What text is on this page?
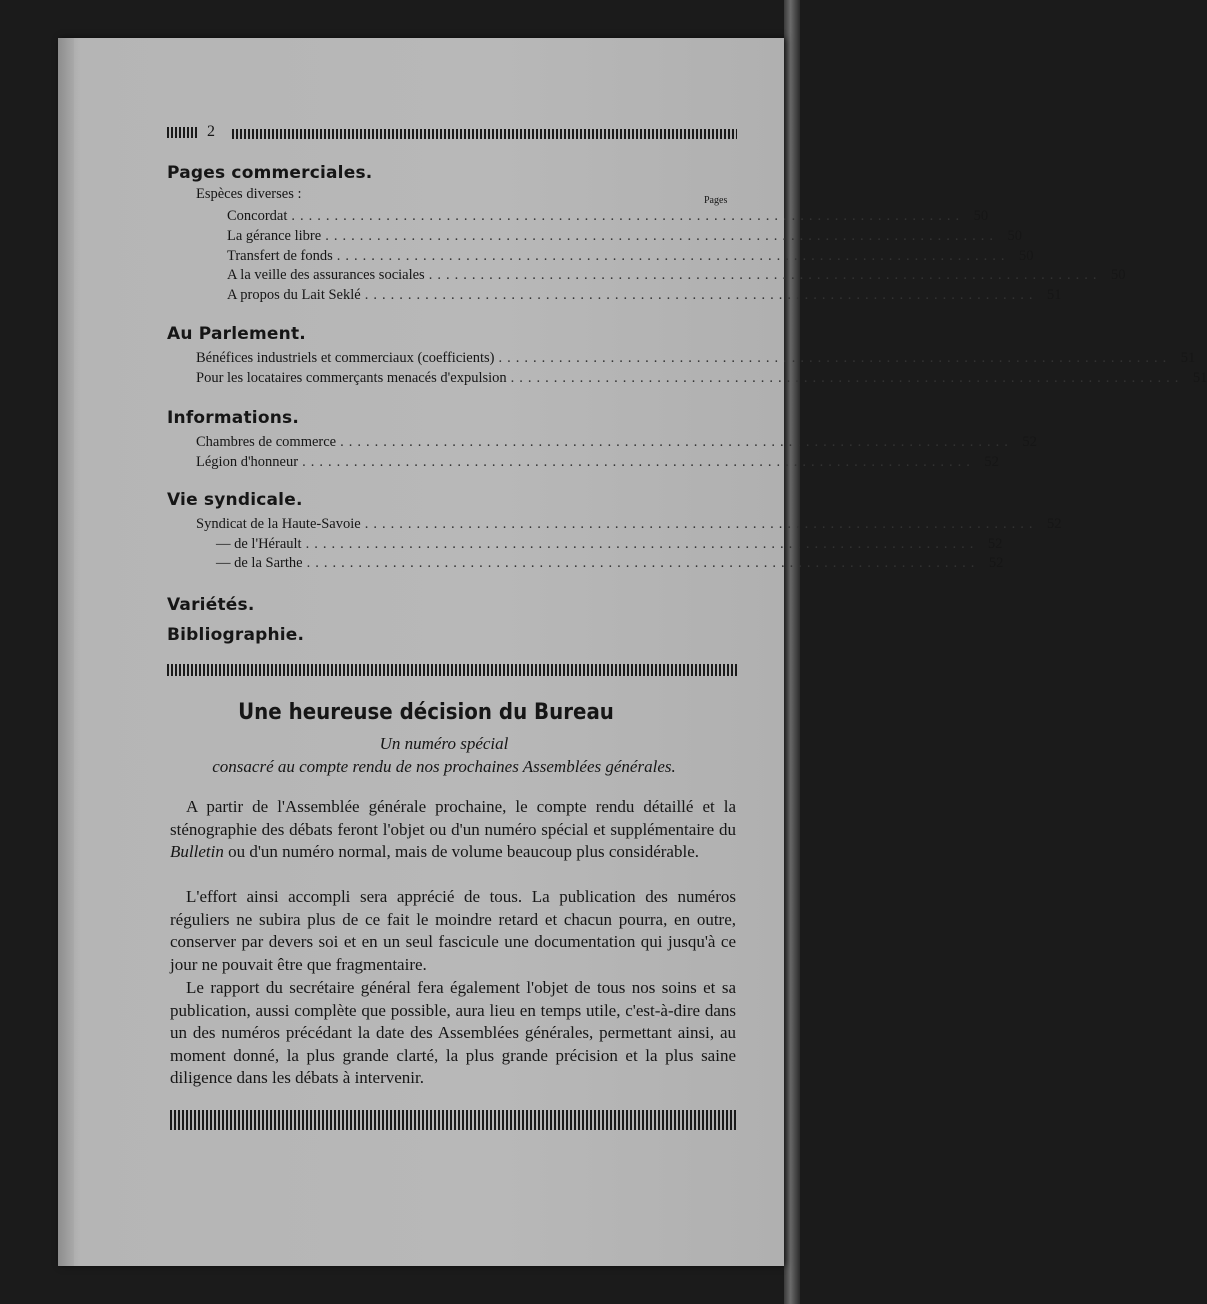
2
Pages commerciales.
Espèces diverses :	Pages
Concordat .............................................................................. 50
La gérance libre .............................................................................. 50
Transfert de fonds .............................................................................. 50
A la veille des assurances sociales .............................................................................. 50
A propos du Lait Seklé .............................................................................. 51
Au Parlement.
Bénéfices industriels et commerciaux (coefficients) .............................................................................. 51
Pour les locataires commerçants menacés d'expulsion .............................................................................. 51
Informations.
Chambres de commerce .............................................................................. 52
Légion d'honneur .............................................................................. 52
Vie syndicale.
Syndicat de la Haute-Savoie .............................................................................. 52
— de l'Hérault .............................................................................. 52
— de la Sarthe .............................................................................. 52
Variétés.
Bibliographie.
Une heureuse décision du Bureau
Un numéro spécial
consacré au compte rendu de nos prochaines Assemblées générales.
A partir de l'Assemblée générale prochaine, le compte rendu détaillé et la sténographie des débats feront l'objet ou d'un numéro spécial et supplémentaire du Bulletin ou d'un numéro normal, mais de volume beaucoup plus considérable.
L'effort ainsi accompli sera apprécié de tous. La publication des numéros réguliers ne subira plus de ce fait le moindre retard et chacun pourra, en outre, conserver par devers soi et en un seul fascicule une documentation qui jusqu'à ce jour ne pouvait être que fragmentaire.
Le rapport du secrétaire général fera également l'objet de tous nos soins et sa publication, aussi complète que possible, aura lieu en temps utile, c'est-à-dire dans un des numéros précédant la date des Assemblées générales, permettant ainsi, au moment donné, la plus grande clarté, la plus grande précision et la plus saine diligence dans les débats à intervenir.
